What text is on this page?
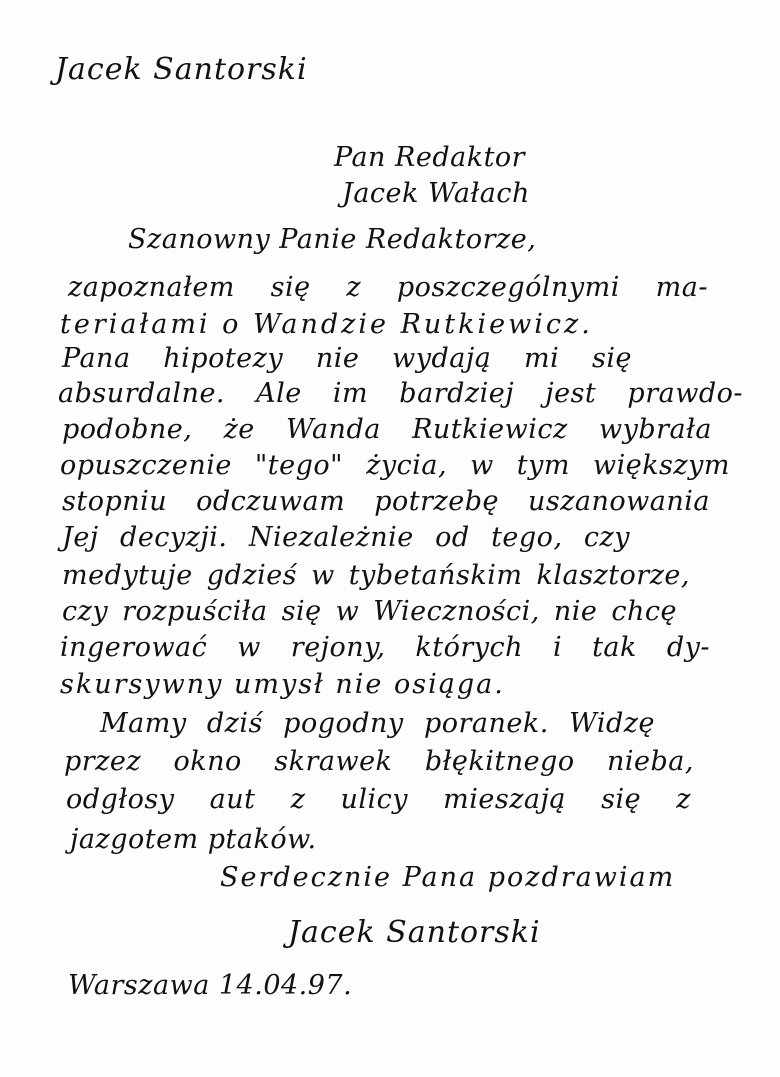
Jacek Santorski

Pan Redaktor

Jacek Wałach

Szanowny Panie Redaktorze,

zapoznałem się z poszczególnymi ma-

teriałami o Wandzie Rutkiewicz.

Pana hipotezy nie wydają mi się

absurdalne. Ale im bardziej jest prawdo-

podobne, że Wanda Rutkiewicz wybrała

opuszczenie "tego" życia, w tym większym

stopniu odczuwam potrzebę uszanowania

Jej decyzji. Niezależnie od tego, czy

medytuje gdzieś w tybetańskim klasztorze,

czy rozpuściła się w Wieczności, nie chcę

ingerować w rejony, których i tak dy-

skursywny umysł nie osiąga.

Mamy dziś pogodny poranek. Widzę

przez okno skrawek błękitnego nieba,

odgłosy aut z ulicy mieszają się z

jazgotem ptaków.

Serdecznie Pana pozdrawiam

Jacek Santorski

Warszawa 14.04.97.
